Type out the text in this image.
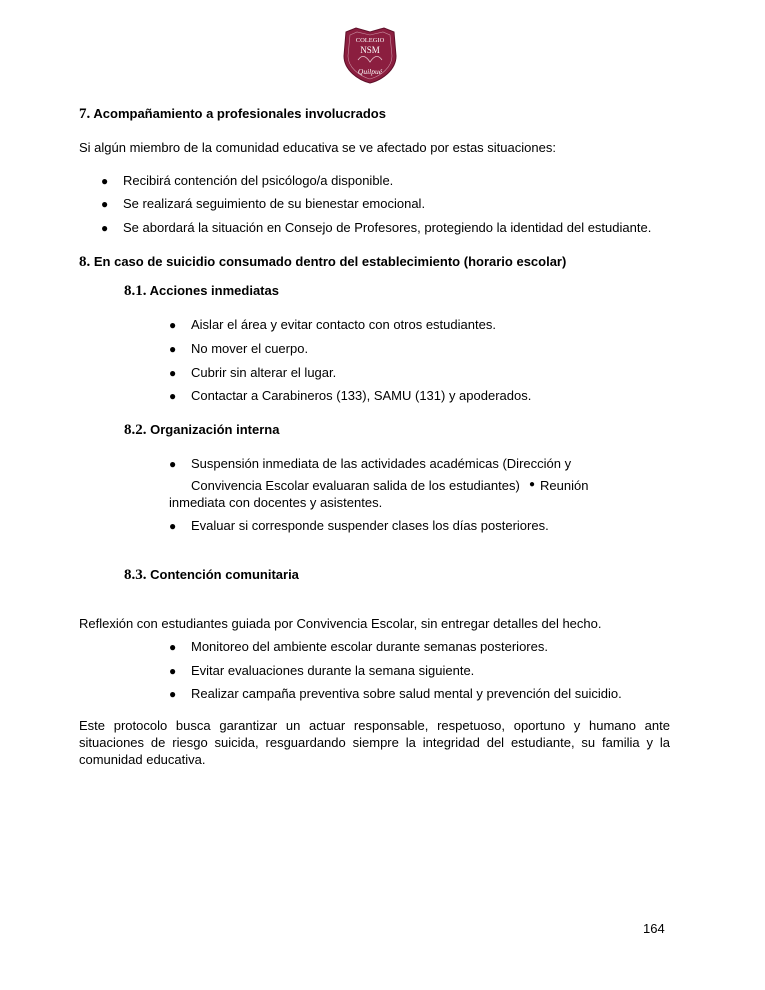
COLEGIO
NSM
Quilpué
7. Acompañamiento a profesionales involucrados
Si algún miembro de la comunidad educativa se ve afectado por estas situaciones:
●
Recibirá contención del psicólogo/a disponible.
●
Se realizará seguimiento de su bienestar emocional.
●
Se abordará la situación en Consejo de Profesores, protegiendo la identidad del estudiante.
8. En caso de suicidio consumado dentro del establecimiento (horario escolar)
8.1. Acciones inmediatas
●
Aislar el área y evitar contacto con otros estudiantes.
●
No mover el cuerpo.
●
Cubrir sin alterar el lugar.
●
Contactar a Carabineros (133), SAMU (131) y apoderados.
8.2. Organización interna
●
Suspensión inmediata de las actividades académicas (Dirección y
Convivencia Escolar evaluaran salida de los estudiantes)
● Reunión
inmediata con docentes y asistentes.
●
Evaluar si corresponde suspender clases los días posteriores.
8.3. Contención comunitaria
Reflexión con estudiantes guiada por Convivencia Escolar, sin entregar detalles del hecho.
●
Monitoreo del ambiente escolar durante semanas posteriores.
●
Evitar evaluaciones durante la semana siguiente.
●
Realizar campaña preventiva sobre salud mental y prevención del suicidio.
Este protocolo busca garantizar un actuar responsable, respetuoso, oportuno y humano ante situaciones de riesgo suicida, resguardando siempre la integridad del estudiante, su familia y la comunidad educativa.
164
